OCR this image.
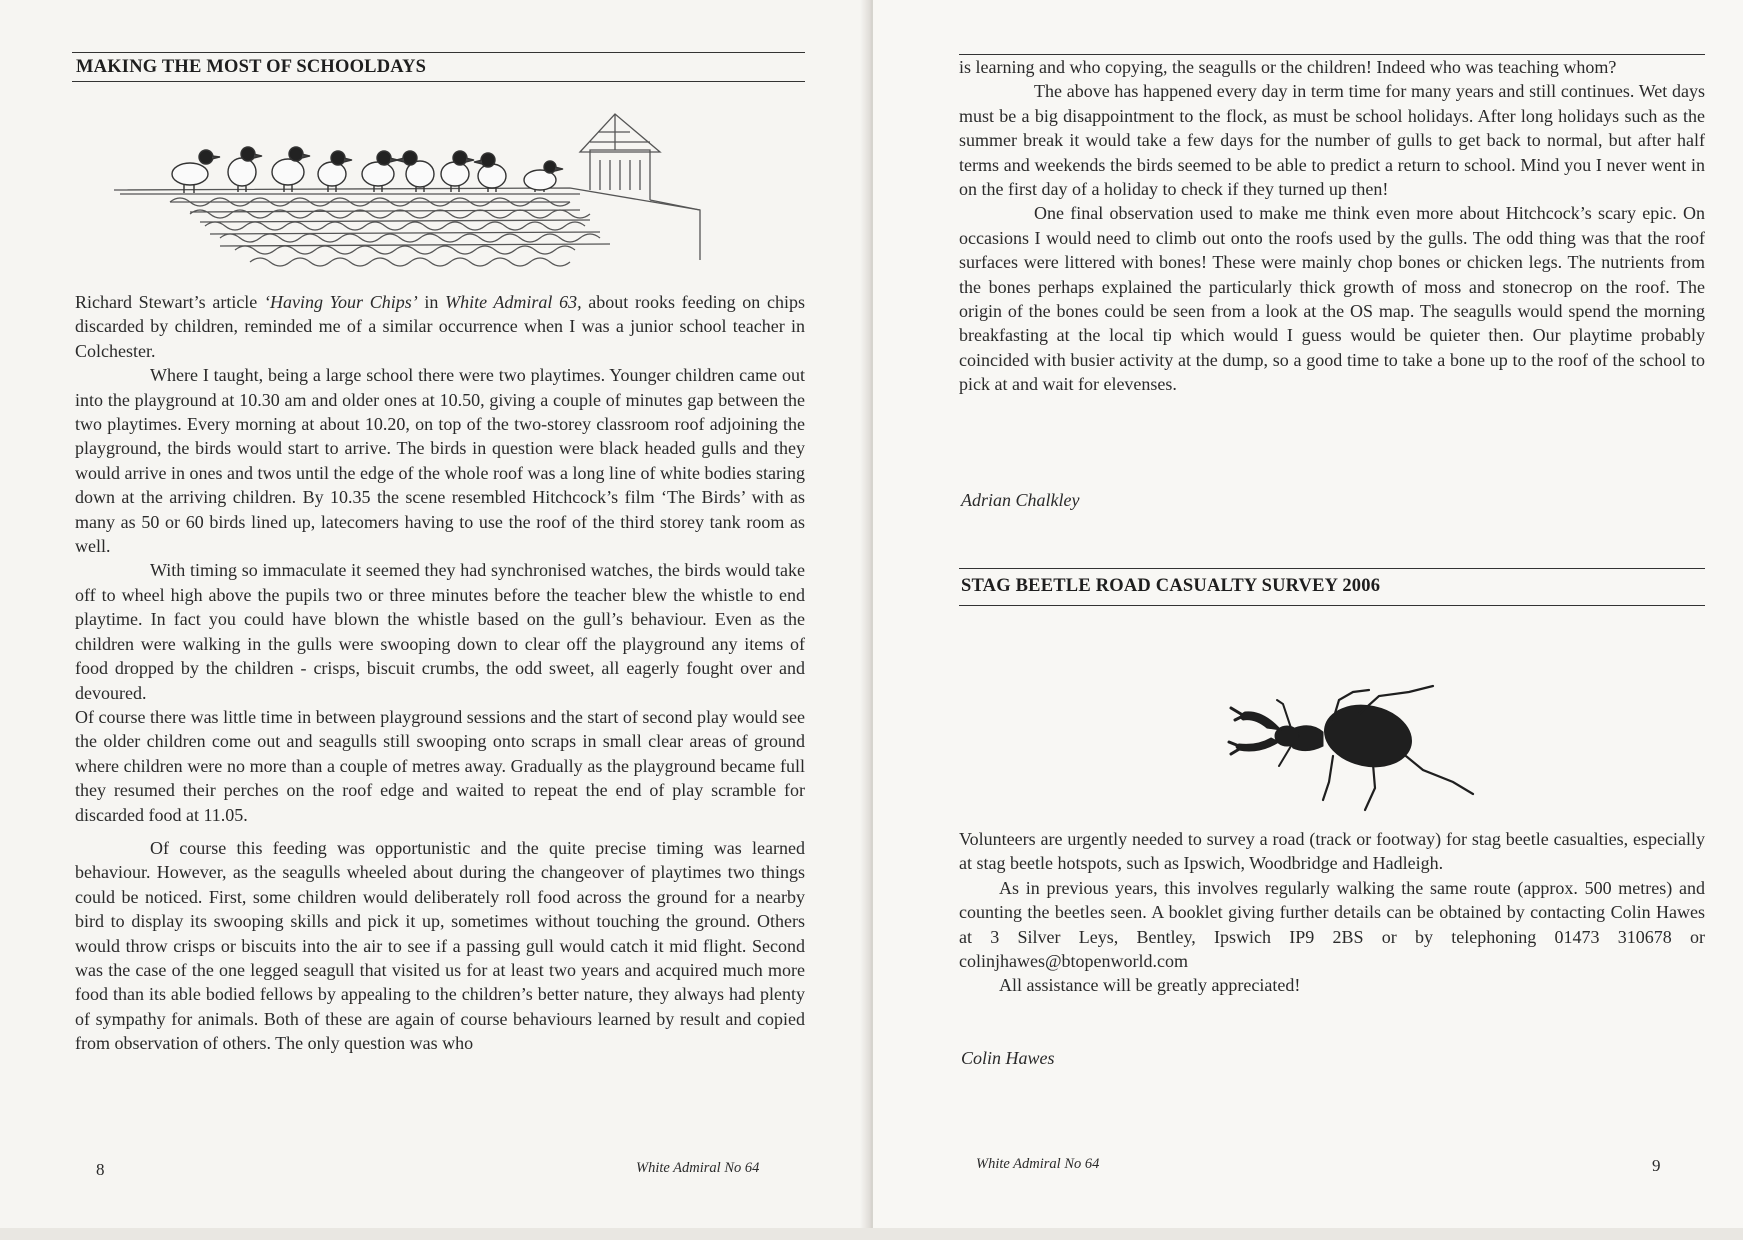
MAKING THE MOST OF SCHOOLDAYS

Richard Stewart’s article ‘Having Your Chips’ in White Admiral 63, about rooks feeding on chips discarded by children, reminded me of a similar occurrence when I was a junior school teacher in Colchester.

Where I taught, being a large school there were two playtimes. Younger children came out into the playground at 10.30 am and older ones at 10.50, giving a couple of minutes gap between the two playtimes. Every morning at about 10.20, on top of the two-storey classroom roof adjoining the playground, the birds would start to arrive. The birds in question were black headed gulls and they would arrive in ones and twos until the edge of the whole roof was a long line of white bodies staring down at the arriving children. By 10.35 the scene resembled Hitchcock’s film ‘The Birds’ with as many as 50 or 60 birds lined up, latecomers having to use the roof of the third storey tank room as well.

With timing so immaculate it seemed they had synchronised watches, the birds would take off to wheel high above the pupils two or three minutes before the teacher blew the whistle to end playtime. In fact you could have blown the whistle based on the gull’s behaviour. Even as the children were walking in the gulls were swooping down to clear off the playground any items of food dropped by the children - crisps, biscuit crumbs, the odd sweet, all eagerly fought over and devoured.

Of course there was little time in between playground sessions and the start of second play would see the older children come out and seagulls still swooping onto scraps in small clear areas of ground where children were no more than a couple of metres away. Gradually as the playground became full they resumed their perches on the roof edge and waited to repeat the end of play scramble for discarded food at 11.05.

Of course this feeding was opportunistic and the quite precise timing was learned behaviour. However, as the seagulls wheeled about during the changeover of playtimes two things could be noticed. First, some children would deliberately roll food across the ground for a nearby bird to display its swooping skills and pick it up, sometimes without touching the ground. Others would throw crisps or biscuits into the air to see if a passing gull would catch it mid flight. Second was the case of the one legged seagull that visited us for at least two years and acquired much more food than its able bodied fellows by appealing to the children’s better nature, they always had plenty of sympathy for animals. Both of these are again of course behaviours learned by result and copied from observation of others. The only question was who

8	White Admiral No 64

is learning and who copying, the seagulls or the children! Indeed who was teaching whom?

The above has happened every day in term time for many years and still continues. Wet days must be a big disappointment to the flock, as must be school holidays. After long holidays such as the summer break it would take a few days for the number of gulls to get back to normal, but after half terms and weekends the birds seemed to be able to predict a return to school. Mind you I never went in on the first day of a holiday to check if they turned up then!

One final observation used to make me think even more about Hitchcock’s scary epic. On occasions I would need to climb out onto the roofs used by the gulls. The odd thing was that the roof surfaces were littered with bones! These were mainly chop bones or chicken legs. The nutrients from the bones perhaps explained the particularly thick growth of moss and stonecrop on the roof. The origin of the bones could be seen from a look at the OS map. The seagulls would spend the morning breakfasting at the local tip which would I guess would be quieter then. Our playtime probably coincided with busier activity at the dump, so a good time to take a bone up to the roof of the school to pick at and wait for elevenses.

Adrian Chalkley
STAG BEETLE ROAD CASUALTY SURVEY 2006

Volunteers are urgently needed to survey a road (track or footway) for stag beetle casualties, especially at stag beetle hotspots, such as Ipswich, Woodbridge and Hadleigh.

As in previous years, this involves regularly walking the same route (approx. 500 metres) and counting the beetles seen. A booklet giving further details can be obtained by contacting Colin Hawes at 3 Silver Leys, Bentley, Ipswich IP9 2BS or by telephoning 01473 310678 or colinjhawes@btopenworld.com

All assistance will be greatly appreciated!

Colin Hawes
White Admiral No 64	9
